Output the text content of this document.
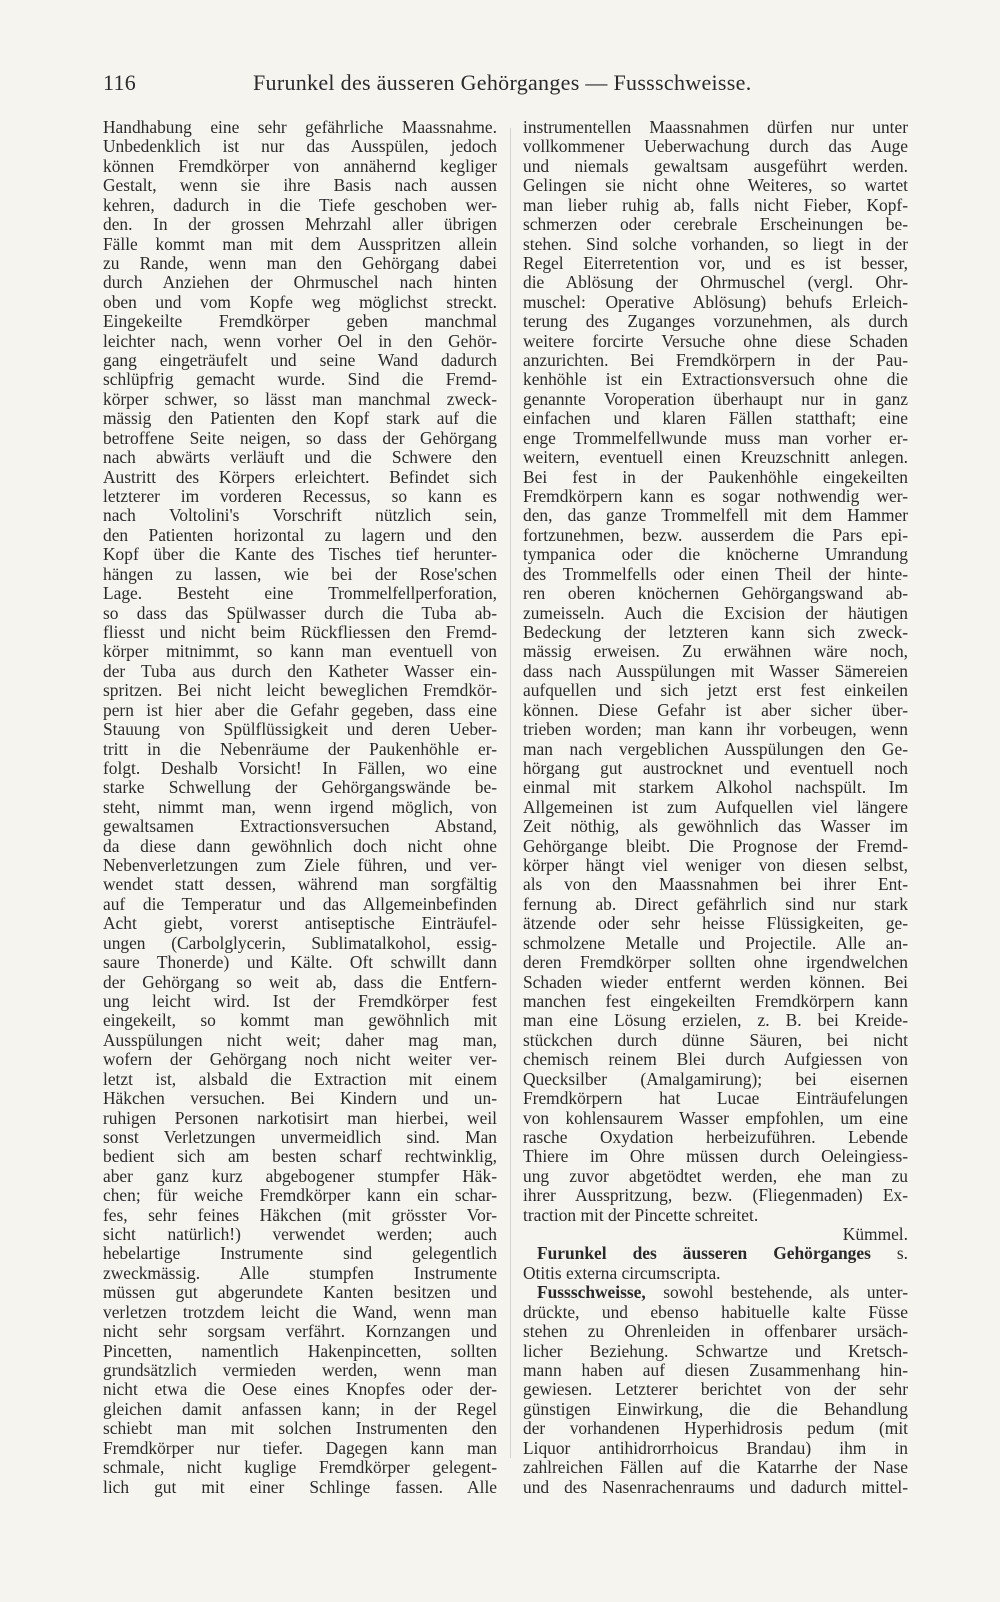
116	Furunkel des äusseren Gehörganges — Fussschweisse.
Handhabung eine sehr gefährliche Maassnahme.
Unbedenklich ist nur das Ausspülen, jedoch
können Fremdkörper von annähernd kegliger
Gestalt, wenn sie ihre Basis nach aussen
kehren, dadurch in die Tiefe geschoben wer-
den. In der grossen Mehrzahl aller übrigen
Fälle kommt man mit dem Ausspritzen allein
zu Rande, wenn man den Gehörgang dabei
durch Anziehen der Ohrmuschel nach hinten
oben und vom Kopfe weg möglichst streckt.
Eingekeilte Fremdkörper geben manchmal
leichter nach, wenn vorher Oel in den Gehör-
gang eingeträufelt und seine Wand dadurch
schlüpfrig gemacht wurde. Sind die Fremd-
körper schwer, so lässt man manchmal zweck-
mässig den Patienten den Kopf stark auf die
betroffene Seite neigen, so dass der Gehörgang
nach abwärts verläuft und die Schwere den
Austritt des Körpers erleichtert. Befindet sich
letzterer im vorderen Recessus, so kann es
nach Voltolini's Vorschrift nützlich sein,
den Patienten horizontal zu lagern und den
Kopf über die Kante des Tisches tief herunter-
hängen zu lassen, wie bei der Rose'schen
Lage. Besteht eine Trommelfellperforation,
so dass das Spülwasser durch die Tuba ab-
fliesst und nicht beim Rückfliessen den Fremd-
körper mitnimmt, so kann man eventuell von
der Tuba aus durch den Katheter Wasser ein-
spritzen. Bei nicht leicht beweglichen Fremdkör-
pern ist hier aber die Gefahr gegeben, dass eine
Stauung von Spülflüssigkeit und deren Ueber-
tritt in die Nebenräume der Paukenhöhle er-
folgt. Deshalb Vorsicht! In Fällen, wo eine
starke Schwellung der Gehörgangswände be-
steht, nimmt man, wenn irgend möglich, von
gewaltsamen Extractionsversuchen Abstand,
da diese dann gewöhnlich doch nicht ohne
Nebenverletzungen zum Ziele führen, und ver-
wendet statt dessen, während man sorgfältig
auf die Temperatur und das Allgemeinbefinden
Acht giebt, vorerst antiseptische Einträufel-
ungen (Carbolglycerin, Sublimatalkohol, essig-
saure Thonerde) und Kälte. Oft schwillt dann
der Gehörgang so weit ab, dass die Entfern-
ung leicht wird. Ist der Fremdkörper fest
eingekeilt, so kommt man gewöhnlich mit
Ausspülungen nicht weit; daher mag man,
wofern der Gehörgang noch nicht weiter ver-
letzt ist, alsbald die Extraction mit einem
Häkchen versuchen. Bei Kindern und un-
ruhigen Personen narkotisirt man hierbei, weil
sonst Verletzungen unvermeidlich sind. Man
bedient sich am besten scharf rechtwinklig,
aber ganz kurz abgebogener stumpfer Häk-
chen; für weiche Fremdkörper kann ein schar-
fes, sehr feines Häkchen (mit grösster Vor-
sicht natürlich!) verwendet werden; auch
hebelartige Instrumente sind gelegentlich
zweckmässig. Alle stumpfen Instrumente
müssen gut abgerundete Kanten besitzen und
verletzen trotzdem leicht die Wand, wenn man
nicht sehr sorgsam verfährt. Kornzangen und
Pincetten, namentlich Hakenpincetten, sollten
grundsätzlich vermieden werden, wenn man
nicht etwa die Oese eines Knopfes oder der-
gleichen damit anfassen kann; in der Regel
schiebt man mit solchen Instrumenten den
Fremdkörper nur tiefer. Dagegen kann man
schmale, nicht kuglige Fremdkörper gelegent-
lich gut mit einer Schlinge fassen. Alle
instrumentellen Maassnahmen dürfen nur unter
vollkommener Ueberwachung durch das Auge
und niemals gewaltsam ausgeführt werden.
Gelingen sie nicht ohne Weiteres, so wartet
man lieber ruhig ab, falls nicht Fieber, Kopf-
schmerzen oder cerebrale Erscheinungen be-
stehen. Sind solche vorhanden, so liegt in der
Regel Eiterretention vor, und es ist besser,
die Ablösung der Ohrmuschel (vergl. Ohr-
muschel: Operative Ablösung) behufs Erleich-
terung des Zuganges vorzunehmen, als durch
weitere forcirte Versuche ohne diese Schaden
anzurichten. Bei Fremdkörpern in der Pau-
kenhöhle ist ein Extractionsversuch ohne die
genannte Voroperation überhaupt nur in ganz
einfachen und klaren Fällen statthaft; eine
enge Trommelfellwunde muss man vorher er-
weitern, eventuell einen Kreuzschnitt anlegen.
Bei fest in der Paukenhöhle eingekeilten
Fremdkörpern kann es sogar nothwendig wer-
den, das ganze Trommelfell mit dem Hammer
fortzunehmen, bezw. ausserdem die Pars epi-
tympanica oder die knöcherne Umrandung
des Trommelfells oder einen Theil der hinte-
ren oberen knöchernen Gehörgangswand ab-
zumeisseln. Auch die Excision der häutigen
Bedeckung der letzteren kann sich zweck-
mässig erweisen. Zu erwähnen wäre noch,
dass nach Ausspülungen mit Wasser Sämereien
aufquellen und sich jetzt erst fest einkeilen
können. Diese Gefahr ist aber sicher über-
trieben worden; man kann ihr vorbeugen, wenn
man nach vergeblichen Ausspülungen den Ge-
hörgang gut austrocknet und eventuell noch
einmal mit starkem Alkohol nachspült. Im
Allgemeinen ist zum Aufquellen viel längere
Zeit nöthig, als gewöhnlich das Wasser im
Gehörgange bleibt. Die Prognose der Fremd-
körper hängt viel weniger von diesen selbst,
als von den Maassnahmen bei ihrer Ent-
fernung ab. Direct gefährlich sind nur stark
ätzende oder sehr heisse Flüssigkeiten, ge-
schmolzene Metalle und Projectile. Alle an-
deren Fremdkörper sollten ohne irgendwelchen
Schaden wieder entfernt werden können. Bei
manchen fest eingekeilten Fremdkörpern kann
man eine Lösung erzielen, z. B. bei Kreide-
stückchen durch dünne Säuren, bei nicht
chemisch reinem Blei durch Aufgiessen von
Quecksilber (Amalgamirung); bei eisernen
Fremdkörpern hat Lucae Einträufelungen
von kohlensaurem Wasser empfohlen, um eine
rasche Oxydation herbeizuführen. Lebende
Thiere im Ohre müssen durch Oeleingiess-
ung zuvor abgetödtet werden, ehe man zu
ihrer Ausspritzung, bezw. (Fliegenmaden) Ex-
traction mit der Pincette schreitet.
Kümmel.
Furunkel des äusseren Gehörganges s.
Otitis externa circumscripta.
Fussschweisse, sowohl bestehende, als unter-
drückte, und ebenso habituelle kalte Füsse
stehen zu Ohrenleiden in offenbarer ursäch-
licher Beziehung. Schwartze und Kretsch-
mann haben auf diesen Zusammenhang hin-
gewiesen. Letzterer berichtet von der sehr
günstigen Einwirkung, die die Behandlung
der vorhandenen Hyperhidrosis pedum (mit
Liquor antihidrorrhoicus Brandau) ihm in
zahlreichen Fällen auf die Katarrhe der Nase
und des Nasenrachenraums und dadurch mittel-
